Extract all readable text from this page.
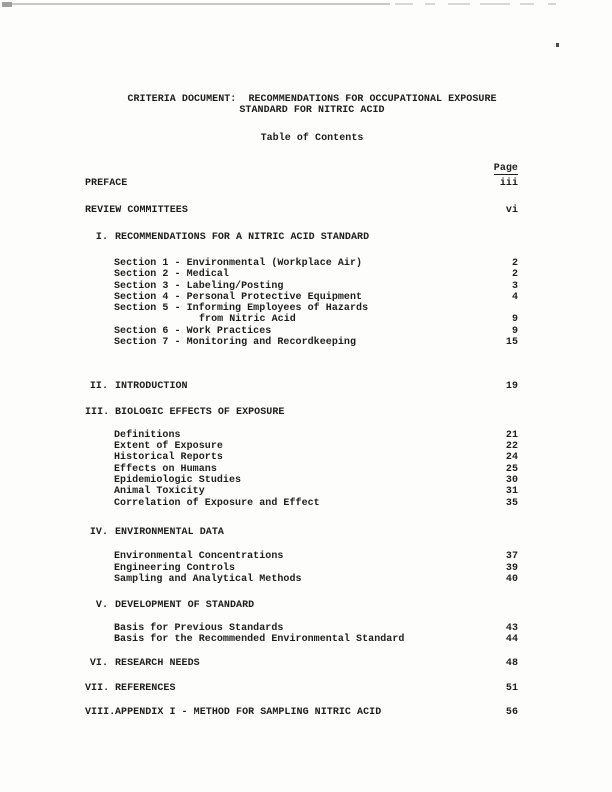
CRITERIA DOCUMENT:  RECOMMENDATIONS FOR OCCUPATIONAL EXPOSURE
STANDARD FOR NITRIC ACID
Table of Contents
Page
PREFACE	iii
REVIEW COMMITTEES	vi
I. RECOMMENDATIONS FOR A NITRIC ACID STANDARD
Section 1 - Environmental (Workplace Air)	2
Section 2 - Medical	2
Section 3 - Labeling/Posting	3
Section 4 - Personal Protective Equipment	4
Section 5 - Informing Employees of Hazards
from Nitric Acid	9
Section 6 - Work Practices	9
Section 7 - Monitoring and Recordkeeping	15
II. INTRODUCTION	19
III. BIOLOGIC EFFECTS OF EXPOSURE
Definitions	21
Extent of Exposure	22
Historical Reports	24
Effects on Humans	25
Epidemiologic Studies	30
Animal Toxicity	31
Correlation of Exposure and Effect	35
IV. ENVIRONMENTAL DATA
Environmental Concentrations	37
Engineering Controls	39
Sampling and Analytical Methods	40
V. DEVELOPMENT OF STANDARD
Basis for Previous Standards	43
Basis for the Recommended Environmental Standard	44
VI. RESEARCH NEEDS	48
VII. REFERENCES	51
VIII. APPENDIX I - METHOD FOR SAMPLING NITRIC ACID	56
